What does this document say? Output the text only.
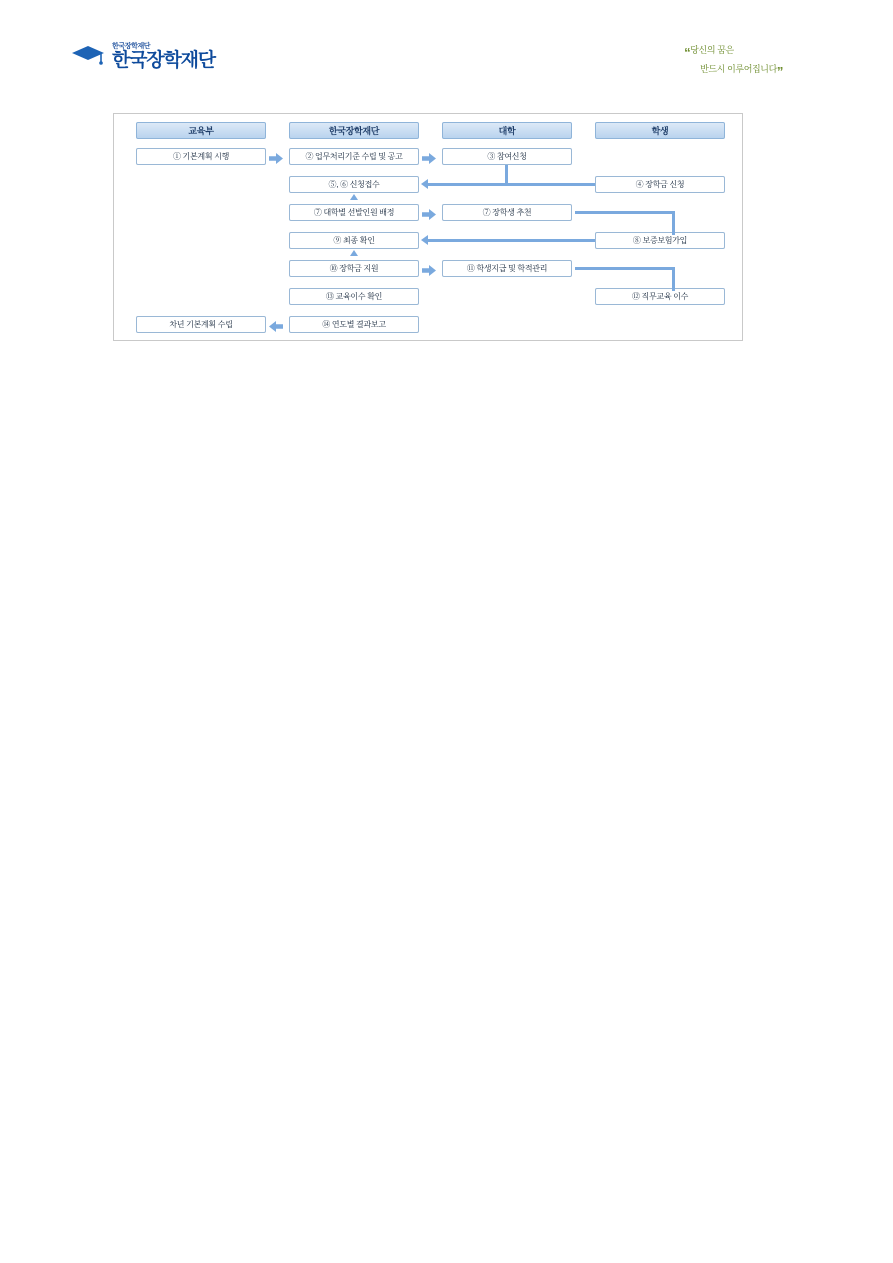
한국장학재단
한국장학재단	“당신의 꿈은
반드시 이루어집니다”
교육부	한국장학재단	대학	학생
① 기본계획 시행	② 업무처리기준 수립 및 공고	③ 참여신청
⑤, ⑥ 신청접수	④ 장학금 신청
⑦ 대학별 선발인원 배정	⑦ 장학생 추천
⑨ 최종 확인	⑧ 보증보험가입
⑩ 장학금 지원	⑪ 학생지급 및 학적관리
⑬ 교육이수 확인	⑫ 직무교육 이수
차년 기본계획 수립	⑭ 연도별 결과보고
